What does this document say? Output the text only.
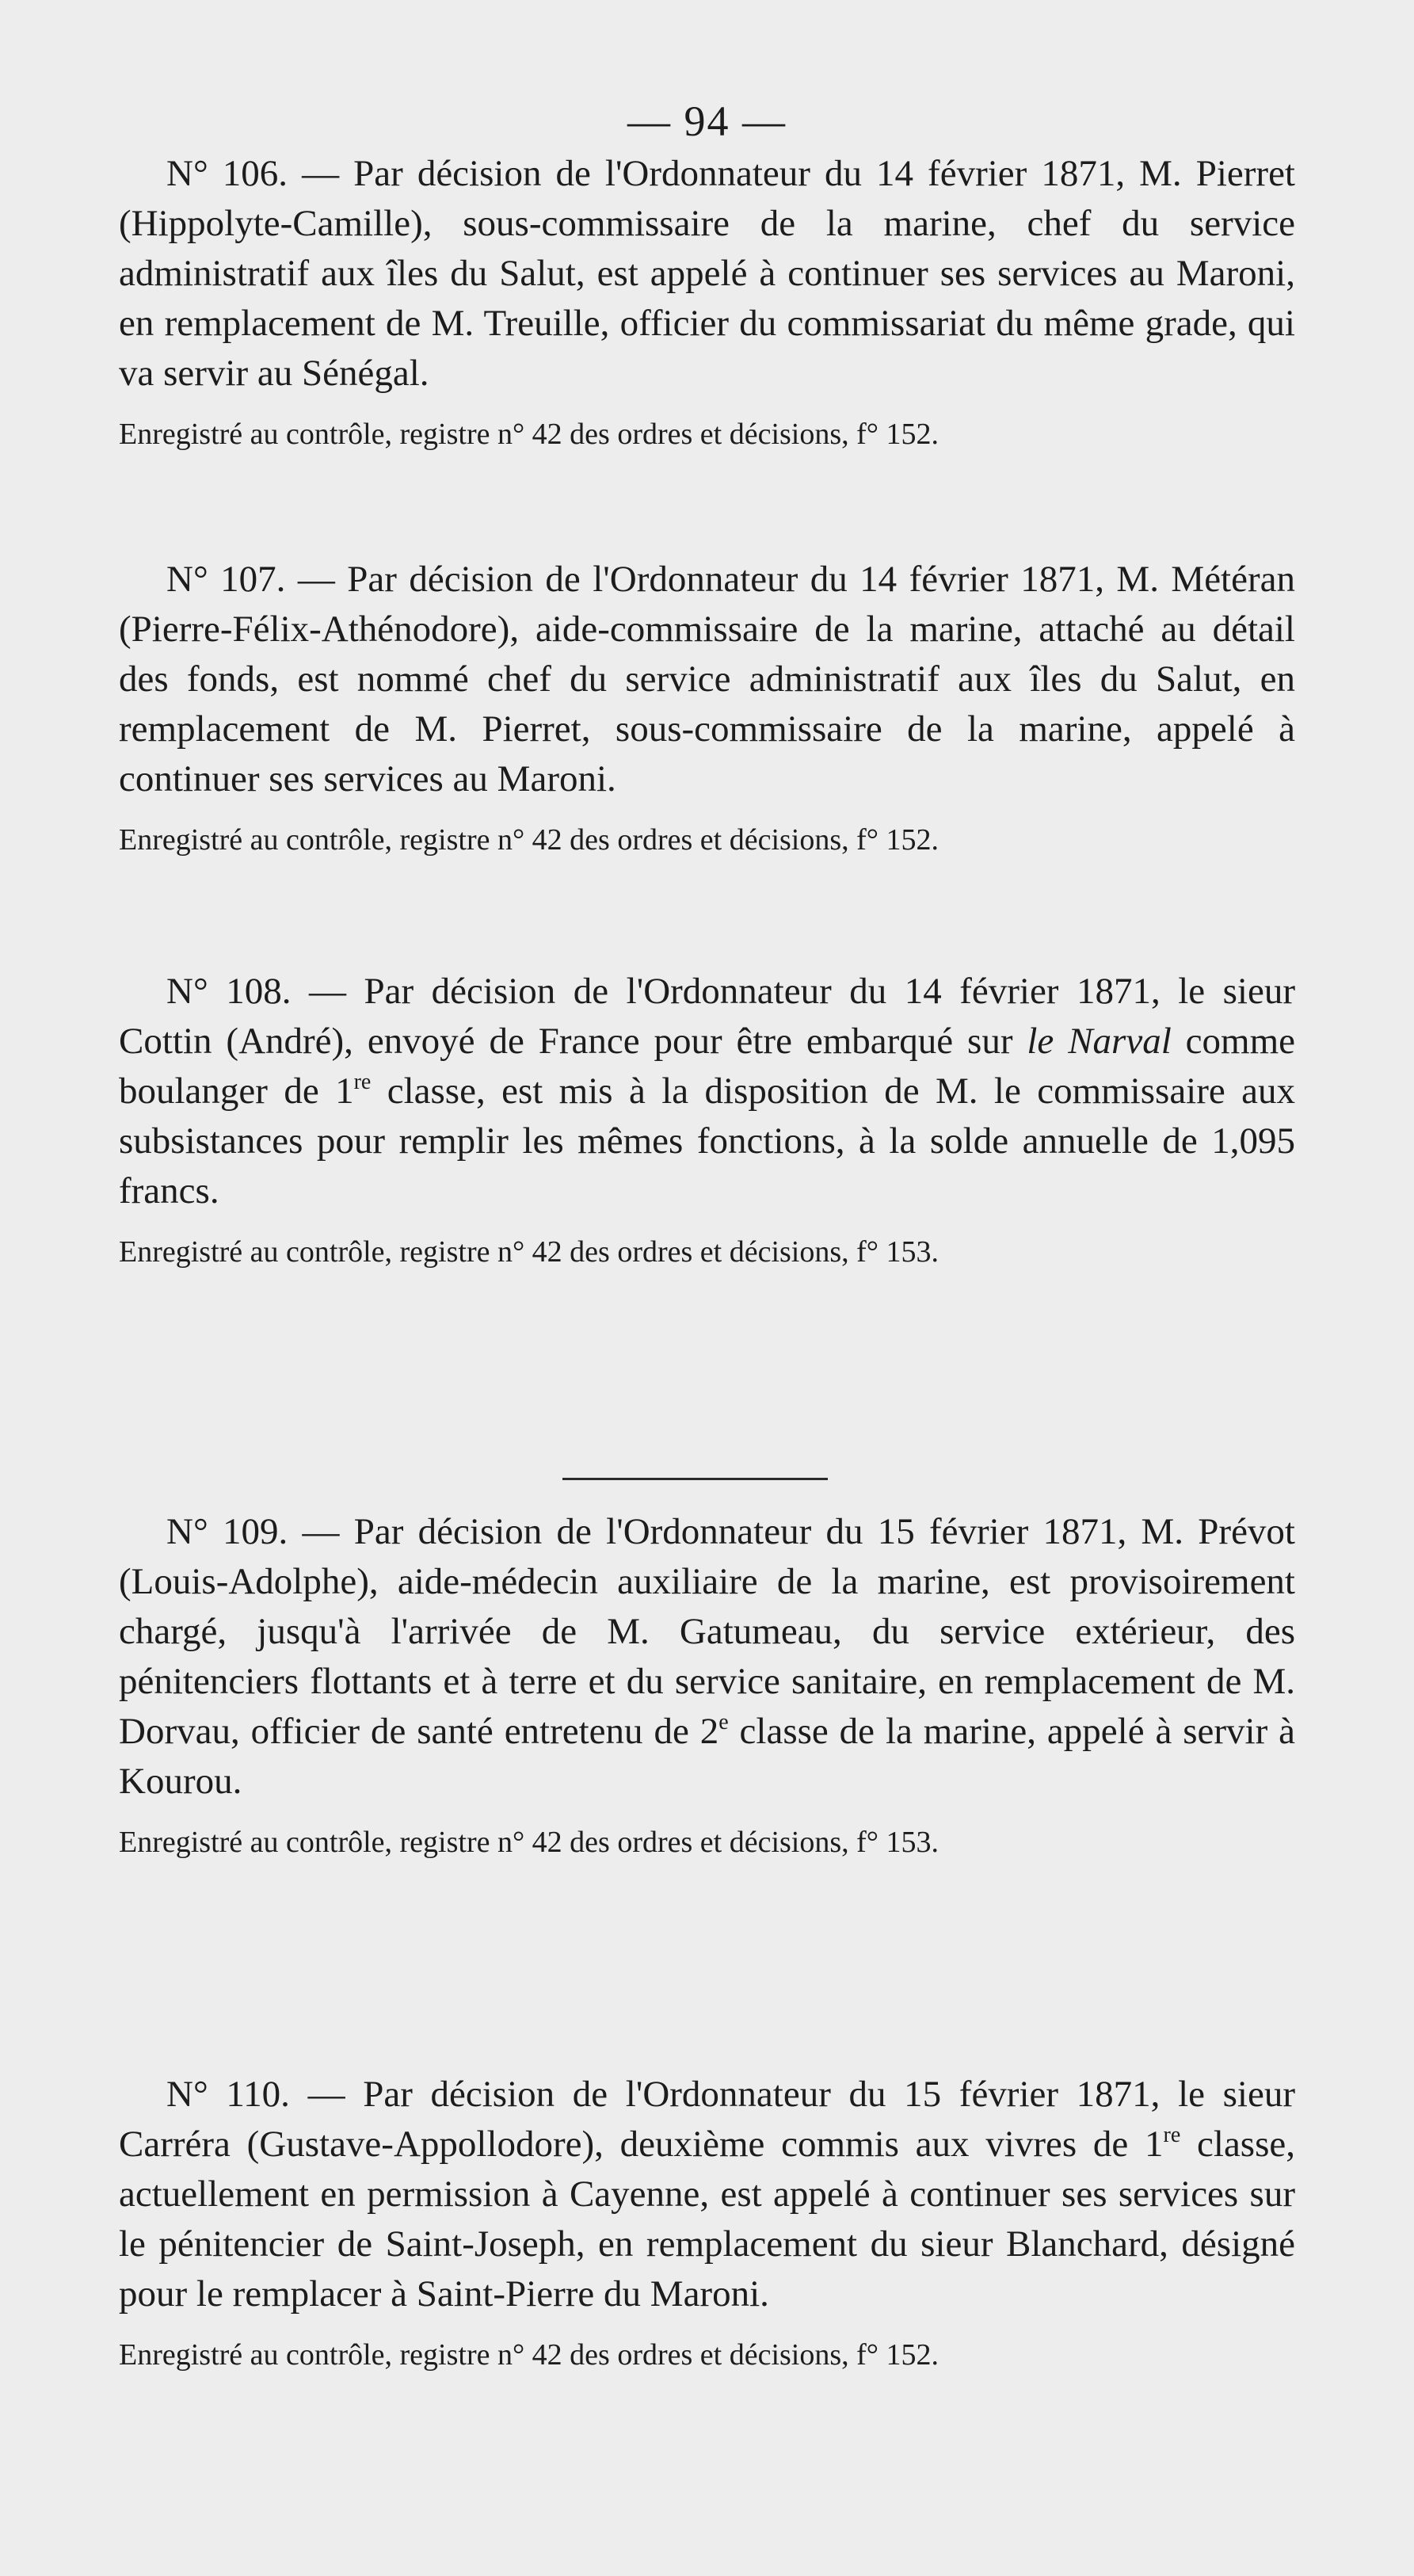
— 94 —

N° 106. — Par décision de l'Ordonnateur du 14 février 1871, M. Pierret (Hippolyte-Camille), sous-commissaire de la marine, chef du service administratif aux îles du Salut, est appelé à continuer ses services au Maroni, en remplacement de M. Treuille, officier du commissariat du même grade, qui va servir au Sénégal.

Enregistré au contrôle, registre n° 42 des ordres et décisions, f° 152.

N° 107. — Par décision de l'Ordonnateur du 14 février 1871, M. Météran (Pierre-Félix-Athénodore), aide-commissaire de la marine, attaché au détail des fonds, est nommé chef du service administratif aux îles du Salut, en remplacement de M. Pierret, sous-commissaire de la marine, appelé à continuer ses services au Maroni.

Enregistré au contrôle, registre n° 42 des ordres et décisions, f° 152.

N° 108. — Par décision de l'Ordonnateur du 14 février 1871, le sieur Cottin (André), envoyé de France pour être embarqué sur le Narval comme boulanger de 1re classe, est mis à la disposition de M. le commissaire aux subsistances pour remplir les mêmes fonctions, à la solde annuelle de 1,095 francs.

Enregistré au contrôle, registre n° 42 des ordres et décisions, f° 153.

N° 109. — Par décision de l'Ordonnateur du 15 février 1871, M. Prévot (Louis-Adolphe), aide-médecin auxiliaire de la marine, est provisoirement chargé, jusqu'à l'arrivée de M. Gatumeau, du service extérieur, des pénitenciers flottants et à terre et du service sanitaire, en remplacement de M. Dorvau, officier de santé entretenu de 2e classe de la marine, appelé à servir à Kourou.

Enregistré au contrôle, registre n° 42 des ordres et décisions, f° 153.

N° 110. — Par décision de l'Ordonnateur du 15 février 1871, le sieur Carréra (Gustave-Appollodore), deuxième commis aux vivres de 1re classe, actuellement en permission à Cayenne, est appelé à continuer ses services sur le pénitencier de Saint-Joseph, en remplacement du sieur Blanchard, désigné pour le remplacer à Saint-Pierre du Maroni.

Enregistré au contrôle, registre n° 42 des ordres et décisions, f° 152.
